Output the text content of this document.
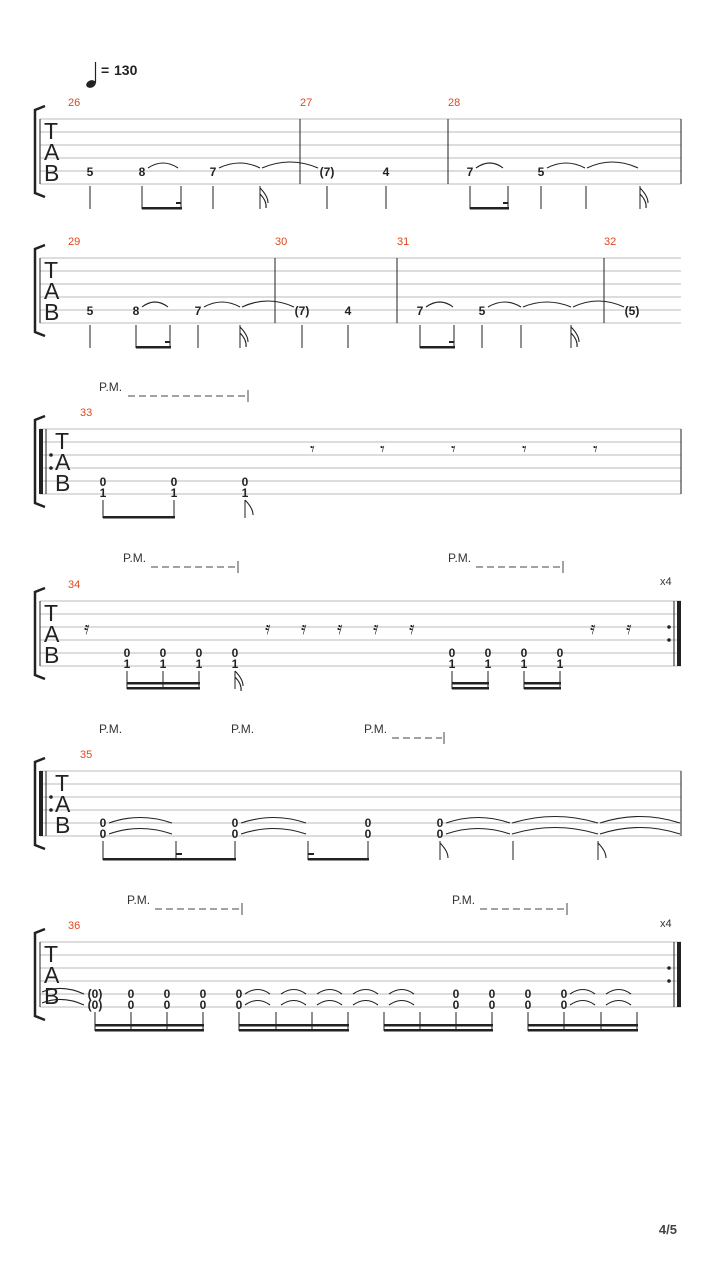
= 130
T
A
B
26	27	28
5	8	7	(7)	4	7	5
T
A
B
29	30	31	32
5	8	7	(7)	4	7	5	(5)
P.M.
T
A
B
33
0
1
0
1
0
1
𝄾	𝄾	𝄾	𝄾	𝄾
P.M.	P.M.
x4
T
A
B
34
𝄿	𝄿 𝄿 𝄿 𝄿 𝄿	𝄿 𝄿
0
1
0
1
0
1
0
1
0
1
0
1
0
1
0
1
P.M.	P.M.	P.M.
T
A
B
35
0
0
0
0
0
0
0
0
P.M.	P.M.
x4
T
A
B
36
(0)
(0)
0
0
0
0
0
0
0
0
0
0
0
0
0
0
0
0
4/5
